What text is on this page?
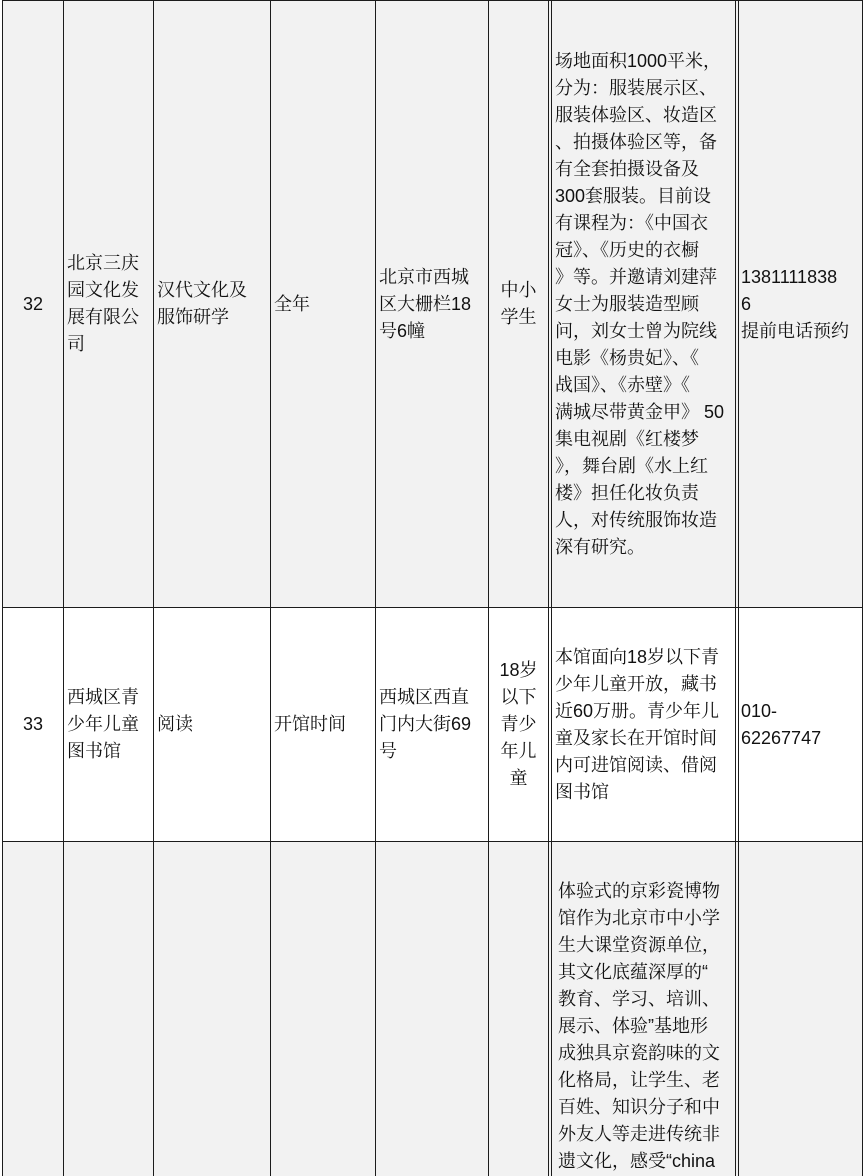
32
北京三庆
园文化发
展有限公
司
汉代文化及
服饰研学
全年
北京市西城
区大栅栏18
号6幢
中小
学生
场地面积1000平米，
分为：服装展示区、
服装体验区、妆造区
、拍摄体验区等，备
有全套拍摄设备及
300套服装。目前设
有课程为：《中国衣
冠》、《历史的衣橱
》等。并邀请刘建萍
女士为服装造型顾
问，刘女士曾为院线
电影《杨贵妃》、《
战国》、《赤壁》《
满城尽带黄金甲》 50
集电视剧《红楼梦
》，舞台剧《水上红
楼》担任化妆负责
人，对传统服饰妆造
深有研究。
1381111838
6
提前电话预约
33
西城区青
少年儿童
图书馆
阅读	开馆时间
西城区西直
门内大街69
号
18岁
以下
青少
年儿
童
本馆面向18岁以下青
少年儿童开放，藏书
近60万册。青少年儿
童及家长在开馆时间
内可进馆阅读、借阅
图书馆
010-
62267747
体验式的京彩瓷博物
馆作为北京市中小学
生大课堂资源单位，
其文化底蕴深厚的“
教育、学习、培训、
展示、体验”基地形
成独具京瓷韵味的文
化格局，让学生、老
百姓、知识分子和中
外友人等走进传统非
遗文化，感受“china
